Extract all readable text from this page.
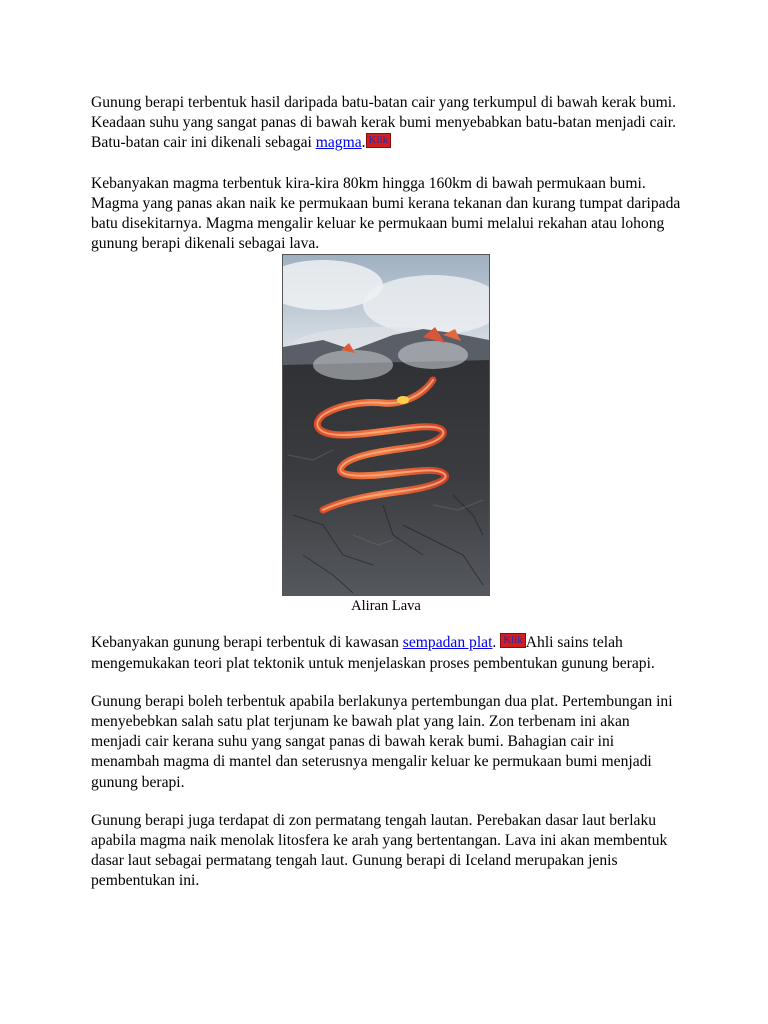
Gunung berapi terbentuk hasil daripada batu-batan cair yang terkumpul di bawah kerak bumi. Keadaan suhu yang sangat panas di bawah kerak bumi menyebabkan batu-batan menjadi cair. Batu-batan cair ini dikenali sebagai magma. Klik

Kebanyakan magma terbentuk kira-kira 80km hingga 160km di bawah permukaan bumi. Magma yang panas akan naik ke permukaan bumi kerana tekanan dan kurang tumpat daripada batu disekitarnya. Magma mengalir keluar ke permukaan bumi melalui rekahan atau lohong gunung berapi dikenali sebagai lava.

Aliran Lava

Kebanyakan gunung berapi terbentuk di kawasan sempadan plat. Klik Ahli sains telah mengemukakan teori plat tektonik untuk menjelaskan proses pembentukan gunung berapi.

Gunung berapi boleh terbentuk apabila berlakunya pertembungan dua plat. Pertembungan ini menyebebkan salah satu plat terjunam ke bawah plat yang lain. Zon terbenam ini akan menjadi cair kerana suhu yang sangat panas di bawah kerak bumi. Bahagian cair ini menambah magma di mantel dan seterusnya mengalir keluar ke permukaan bumi menjadi gunung berapi.

Gunung berapi juga terdapat di zon permatang tengah lautan. Perebakan dasar laut berlaku apabila magma naik menolak litosfera ke arah yang bertentangan. Lava ini akan membentuk dasar laut sebagai permatang tengah laut. Gunung berapi di Iceland merupakan jenis pembentukan ini.
